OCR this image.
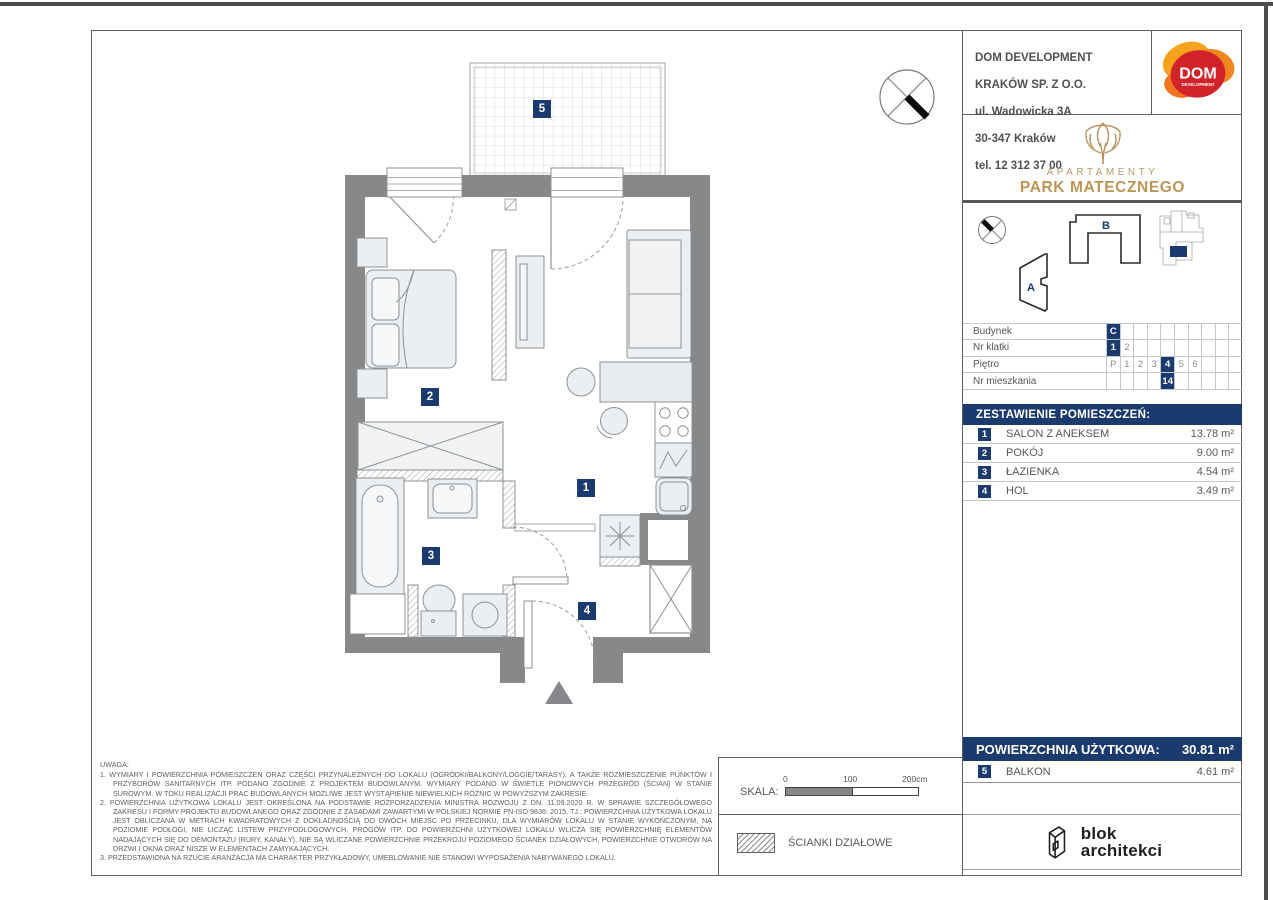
1
2
3
4
5

DOM DEVELOPMENT

KRAKÓW SP. Z O.O.

ul. Wadowicka 3A

30-347 Kraków

tel. 12 312 37 00

DOM
DEVELOPMENT
APARTAMENTY
PARK MATECZNEGO
B
A
Budynek	C
Nr klatki	1 2
Piętro	P 1 2 3 4 5 6
Nr mieszkania	14
ZESTAWIENIE POMIESZCZEŃ:
1	SALON Z ANEKSEM	13.78 m²
2	POKÓJ	9.00 m²
3	ŁAZIENKA	4.54 m²
4	HOL	3.49 m²
POWIERZCHNIA UŻYTKOWA: 30.81 m²
5	BALKON	4.61 m²
blok
architekci
UWAGA:

1. WYMIARY I POWIERZCHNIA POMIESZCZEŃ ORAZ CZĘŚCI PRZYNALEŻNYCH DO LOKALU (OGRÓDKI/BALKONY/LOGGIE/TARASY), A TAKŻE ROZMIESZCZENIE PUNKTÓW I PRZYBORÓW SANITARNYCH ITP. PODANO ZGODNIE Z PROJEKTEM BUDOWLANYM. WYMIARY PODANO W ŚWIETLE PIONOWYCH PRZEGRÓD (ŚCIAN) W STANIE SUROWYM. W TOKU REALIZACJI PRAC BUDOWLANYCH MOŻLIWE JEST WYSTĄPIENIE NIEWIELKICH RÓŻNIC W POWYŻSZYM ZAKRESIE.

2. POWIERZCHNIA UŻYTKOWA LOKALU JEST OKREŚLONA NA PODSTAWIE ROZPORZĄDZENIA MINISTRA ROZWOJU Z DN. 11.09.2020 R. W SPRAWIE SZCZEGÓŁOWEGO ZAKRESU I FORMY PROJEKTU BUDOWLANEGO ORAZ ZGODNIE Z ZASADAMI ZAWARTYMI W POLSKIEJ NORMIE PN-ISO 9836: 2015, TJ.: POWIERZCHNIA UŻYTKOWA LOKALU JEST OBLICZANA W METRACH KWADRATOWYCH Z DOKŁADNOŚCIĄ DO DWÓCH MIEJSC PO PRZECINKU, DLA WYMIARÓW LOKALU W STANIE WYKOŃCZONYM, NA POZIOMIE PODŁOGI, NIE LICZĄC LISTEW PRZYPODŁOGOWYCH, PROGÓW ITP. DO POWIERZCHNI UŻYTKOWEJ LOKALU WLICZA SIĘ POWIERZCHNIĘ ELEMENTÓW NADAJĄCYCH SIĘ DO DEMONTAŻU (RURY, KANAŁY), NIE SĄ WLICZANE POWIERZCHNIE PRZEKROJU POZIOMEGO ŚCIANEK DZIAŁOWYCH, POWIERZCHNIE OTWORÓW NA DRZWI I OKNA ORAZ NISZE W ELEMENTACH ZAMYKAJĄCYCH.

3. PRZEDSTAWIONA NA RZUCIE ARANŻACJA MA CHARAKTER PRZYKŁADOWY, UMEBLOWANIE NIE STANOWI WYPOSAŻENIA NABYWANEGO LOKALU.

SKALA:
0	100	200cm
ŚCIANKI DZIAŁOWE
